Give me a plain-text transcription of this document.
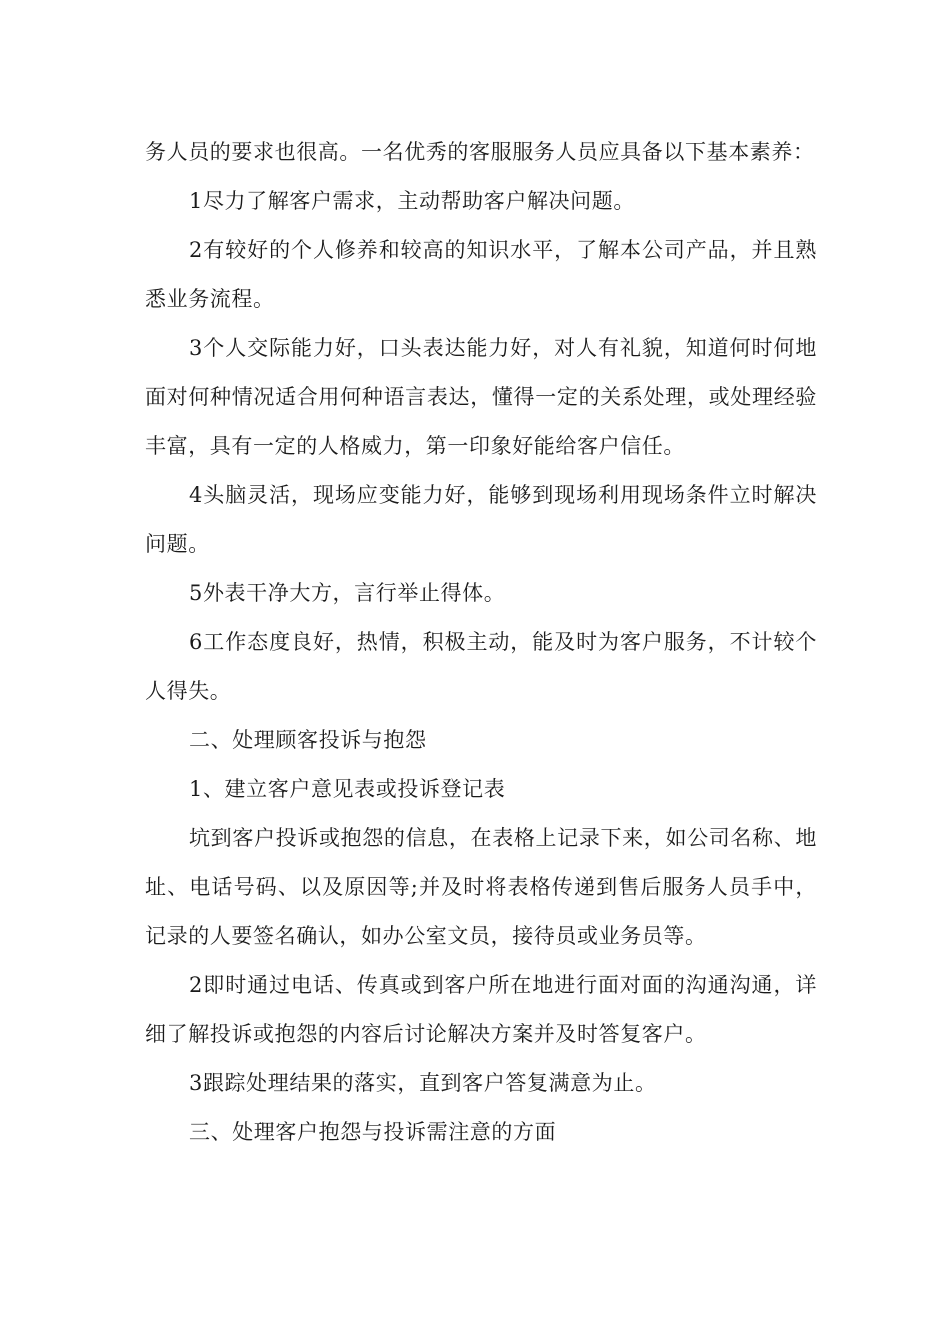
务人员的要求也很高。一名优秀的客服服务人员应具备以下基本素养：

1尽力了解客户需求，主动帮助客户解决问题。

2有较好的个人修养和较高的知识水平，了解本公司产品，并且熟悉业务流程。

3个人交际能力好，口头表达能力好，对人有礼貌，知道何时何地面对何种情况适合用何种语言表达，懂得一定的关系处理，或处理经验丰富，具有一定的人格威力，第一印象好能给客户信任。

4头脑灵活，现场应变能力好，能够到现场利用现场条件立时解决问题。

5外表干净大方，言行举止得体。

6工作态度良好，热情，积极主动，能及时为客户服务，不计较个人得失。

二、处理顾客投诉与抱怨

1、建立客户意见表或投诉登记表

坑到客户投诉或抱怨的信息，在表格上记录下来，如公司名称、地址、电话号码、以及原因等;并及时将表格传递到售后服务人员手中，记录的人要签名确认，如办公室文员，接待员或业务员等。

2即时通过电话、传真或到客户所在地进行面对面的沟通沟通，详细了解投诉或抱怨的内容后讨论解决方案并及时答复客户。

3跟踪处理结果的落实，直到客户答复满意为止。

三、处理客户抱怨与投诉需注意的方面
